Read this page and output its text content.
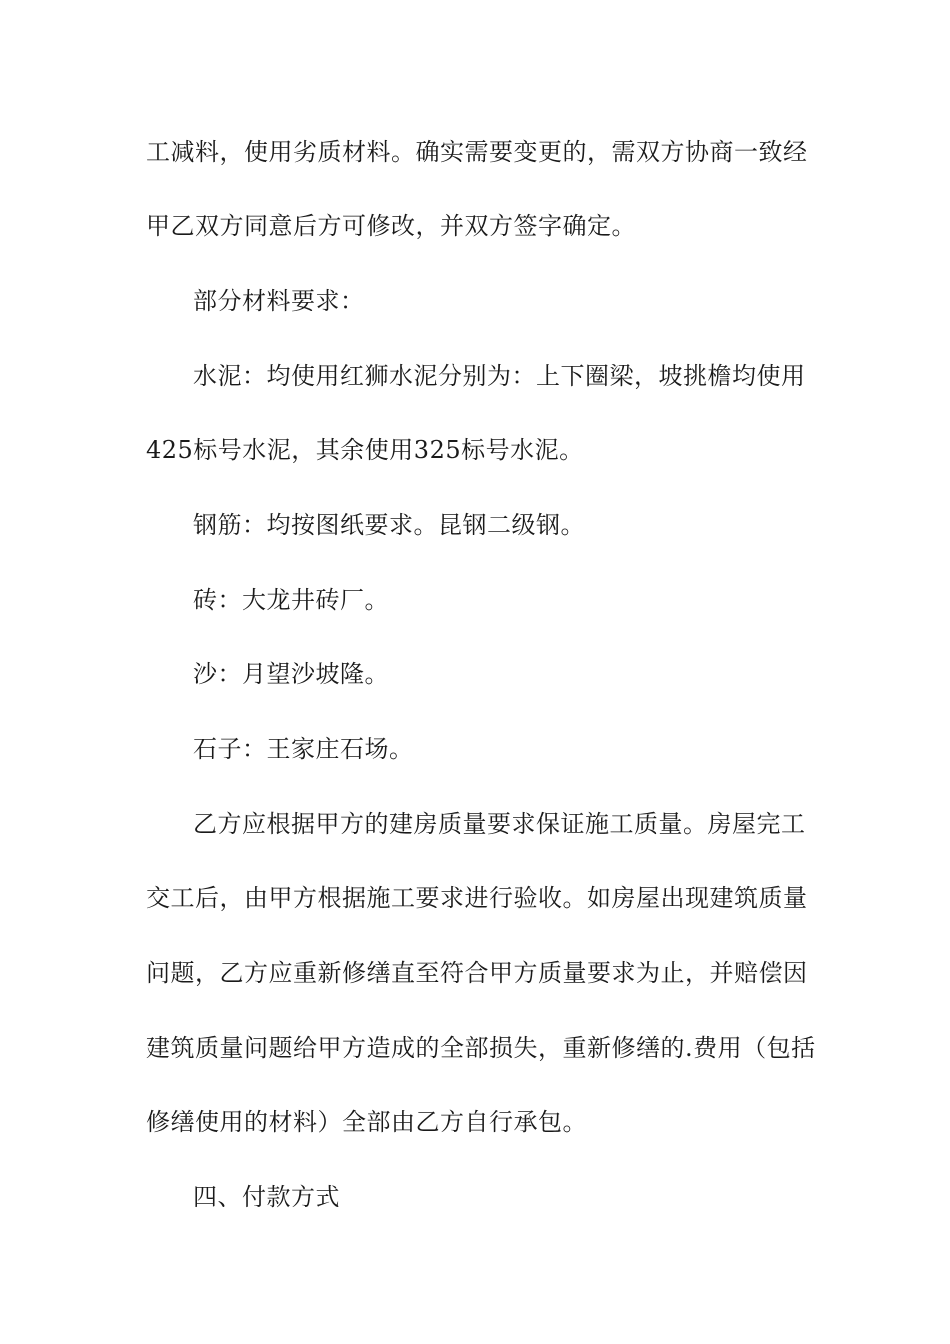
工减料，使用劣质材料。确实需要变更的，需双方协商一致经
甲乙双方同意后方可修改，并双方签字确定。
部分材料要求：
水泥：均使用红狮水泥分别为：上下圈梁，坡挑檐均使用
425标号水泥，其余使用325标号水泥。
钢筋：均按图纸要求。昆钢二级钢。
砖：大龙井砖厂。
沙：月望沙坡隆。
石子：王家庄石场。
乙方应根据甲方的建房质量要求保证施工质量。房屋完工
交工后，由甲方根据施工要求进行验收。如房屋出现建筑质量
问题，乙方应重新修缮直至符合甲方质量要求为止，并赔偿因
建筑质量问题给甲方造成的全部损失，重新修缮的.费用（包括
修缮使用的材料）全部由乙方自行承包。
四、付款方式
